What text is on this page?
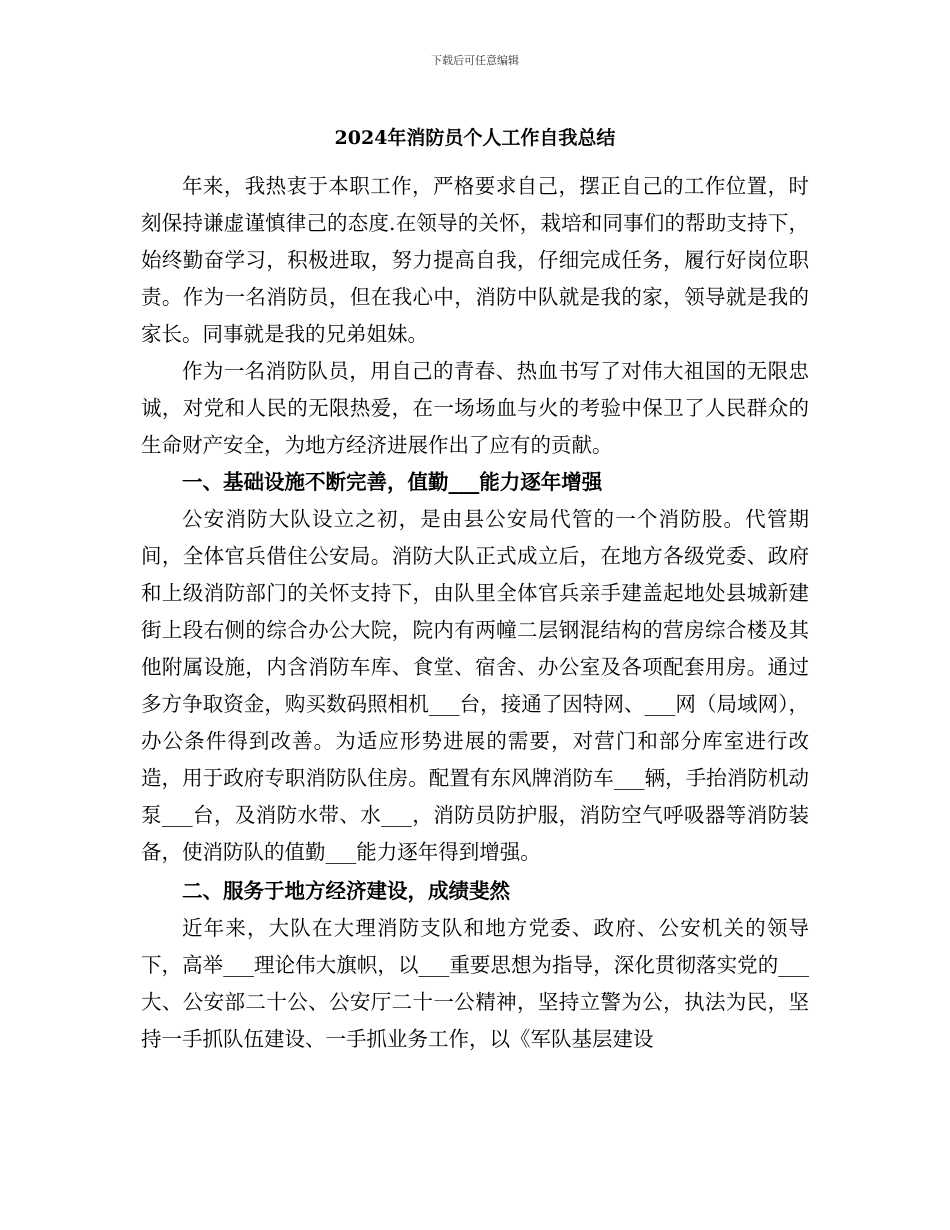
下载后可任意编辑
2024年消防员个人工作自我总结

年来，我热衷于本职工作，严格要求自己，摆正自己的工作位置，时刻保持谦虚谨慎律己的态度.在领导的关怀，栽培和同事们的帮助支持下，始终勤奋学习，积极进取，努力提高自我，仔细完成任务，履行好岗位职责。作为一名消防员，但在我心中，消防中队就是我的家，领导就是我的家长。同事就是我的兄弟姐妹。

作为一名消防队员，用自己的青春、热血书写了对伟大祖国的无限忠诚，对党和人民的无限热爱，在一场场血与火的考验中保卫了人民群众的生命财产安全，为地方经济进展作出了应有的贡献。

一、基础设施不断完善，值勤___能力逐年增强

公安消防大队设立之初，是由县公安局代管的一个消防股。代管期间，全体官兵借住公安局。消防大队正式成立后，在地方各级党委、政府和上级消防部门的关怀支持下，由队里全体官兵亲手建盖起地处县城新建街上段右侧的综合办公大院，院内有两幢二层钢混结构的营房综合楼及其他附属设施，内含消防车库、食堂、宿舍、办公室及各项配套用房。通过多方争取资金，购买数码照相机___台，接通了因特网、___网（局域网），办公条件得到改善。为适应形势进展的需要，对营门和部分库室进行改造，用于政府专职消防队住房。配置有东风牌消防车___辆，手抬消防机动泵___台，及消防水带、水___，消防员防护服，消防空气呼吸器等消防装备，使消防队的值勤___能力逐年得到增强。

二、服务于地方经济建设，成绩斐然

近年来，大队在大理消防支队和地方党委、政府、公安机关的领导下，高举___理论伟大旗帜，以___重要思想为指导，深化贯彻落实党的___大、公安部二十公、公安厅二十一公精神，坚持立警为公，执法为民，坚持一手抓队伍建设、一手抓业务工作，以《军队基层建设
